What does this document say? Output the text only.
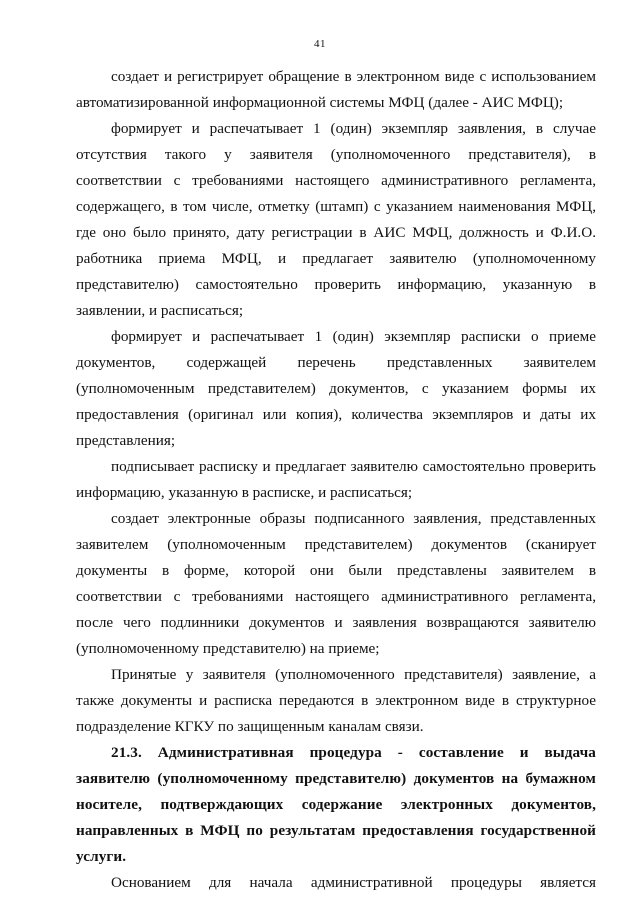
41

создает и регистрирует обращение в электронном виде с использованием автоматизированной информационной системы МФЦ (далее - АИС МФЦ);

формирует и распечатывает 1 (один) экземпляр заявления, в случае отсутствия такого у заявителя (уполномоченного представителя), в соответствии с требованиями настоящего административного регламента, содержащего, в том числе, отметку (штамп) с указанием наименования МФЦ, где оно было принято, дату регистрации в АИС МФЦ, должность и Ф.И.О. работника приема МФЦ, и предлагает заявителю (уполномоченному представителю) самостоятельно проверить информацию, указанную в заявлении, и расписаться;

формирует и распечатывает 1 (один) экземпляр расписки о приеме документов, содержащей перечень представленных заявителем (уполномоченным представителем) документов, с указанием формы их предоставления (оригинал или копия), количества экземпляров и даты их представления;

подписывает расписку и предлагает заявителю самостоятельно проверить информацию, указанную в расписке, и расписаться;

создает электронные образы подписанного заявления, представленных заявителем (уполномоченным представителем) документов (сканирует документы в форме, которой они были представлены заявителем в соответствии с требованиями настоящего административного регламента, после чего подлинники документов и заявления возвращаются заявителю (уполномоченному представителю) на приеме;

Принятые у заявителя (уполномоченного представителя) заявление, а также документы и расписка передаются в электронном виде в структурное подразделение КГКУ по защищенным каналам связи.

21.3. Административная процедура - составление и выдача заявителю (уполномоченному представителю) документов на бумажном носителе, подтверждающих содержание электронных документов, направленных в МФЦ по результатам предоставления государственной услуги.

Основанием для начала административной процедуры является
